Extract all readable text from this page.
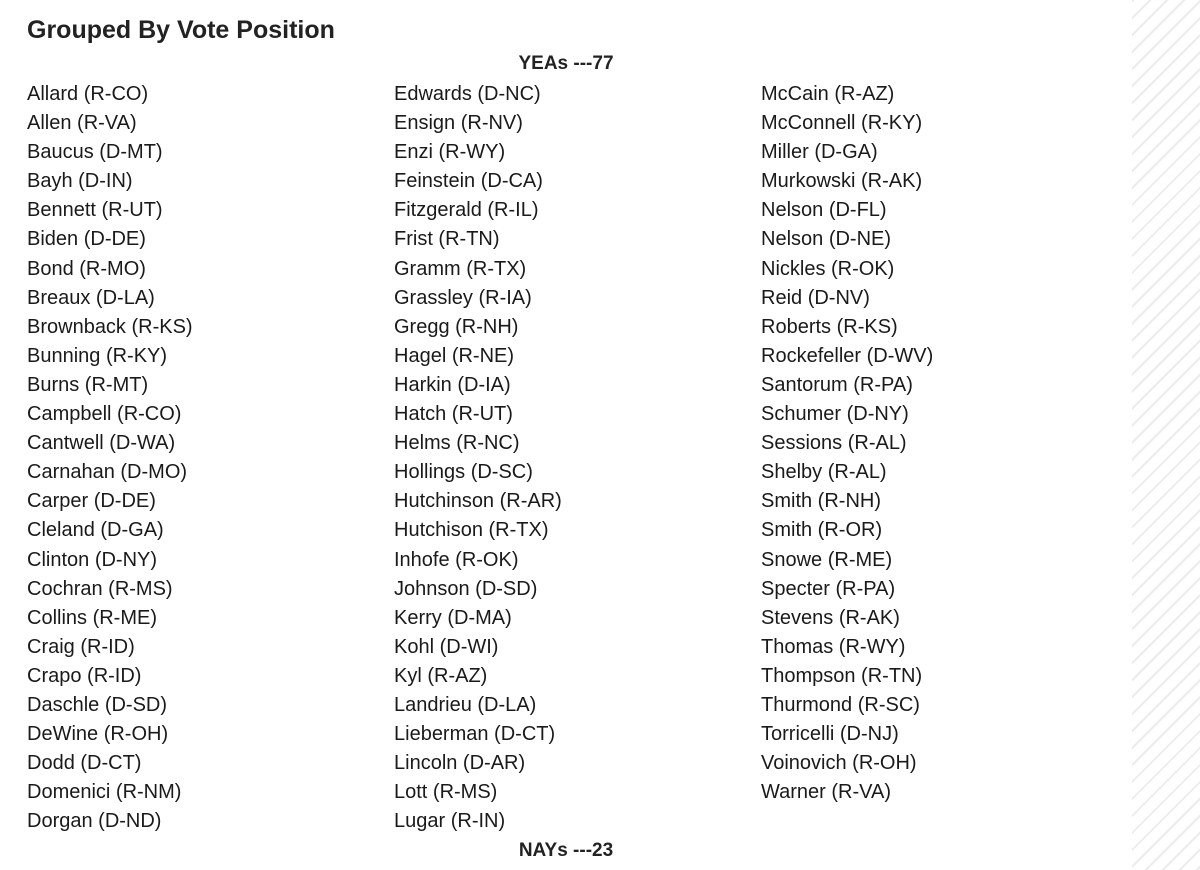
Grouped By Vote Position
YEAs ---77
Allard (R-CO)
Allen (R-VA)
Baucus (D-MT)
Bayh (D-IN)
Bennett (R-UT)
Biden (D-DE)
Bond (R-MO)
Breaux (D-LA)
Brownback (R-KS)
Bunning (R-KY)
Burns (R-MT)
Campbell (R-CO)
Cantwell (D-WA)
Carnahan (D-MO)
Carper (D-DE)
Cleland (D-GA)
Clinton (D-NY)
Cochran (R-MS)
Collins (R-ME)
Craig (R-ID)
Crapo (R-ID)
Daschle (D-SD)
DeWine (R-OH)
Dodd (D-CT)
Domenici (R-NM)
Dorgan (D-ND)
Edwards (D-NC)
Ensign (R-NV)
Enzi (R-WY)
Feinstein (D-CA)
Fitzgerald (R-IL)
Frist (R-TN)
Gramm (R-TX)
Grassley (R-IA)
Gregg (R-NH)
Hagel (R-NE)
Harkin (D-IA)
Hatch (R-UT)
Helms (R-NC)
Hollings (D-SC)
Hutchinson (R-AR)
Hutchison (R-TX)
Inhofe (R-OK)
Johnson (D-SD)
Kerry (D-MA)
Kohl (D-WI)
Kyl (R-AZ)
Landrieu (D-LA)
Lieberman (D-CT)
Lincoln (D-AR)
Lott (R-MS)
Lugar (R-IN)
McCain (R-AZ)
McConnell (R-KY)
Miller (D-GA)
Murkowski (R-AK)
Nelson (D-FL)
Nelson (D-NE)
Nickles (R-OK)
Reid (D-NV)
Roberts (R-KS)
Rockefeller (D-WV)
Santorum (R-PA)
Schumer (D-NY)
Sessions (R-AL)
Shelby (R-AL)
Smith (R-NH)
Smith (R-OR)
Snowe (R-ME)
Specter (R-PA)
Stevens (R-AK)
Thomas (R-WY)
Thompson (R-TN)
Thurmond (R-SC)
Torricelli (D-NJ)
Voinovich (R-OH)
Warner (R-VA)
NAYs ---23
